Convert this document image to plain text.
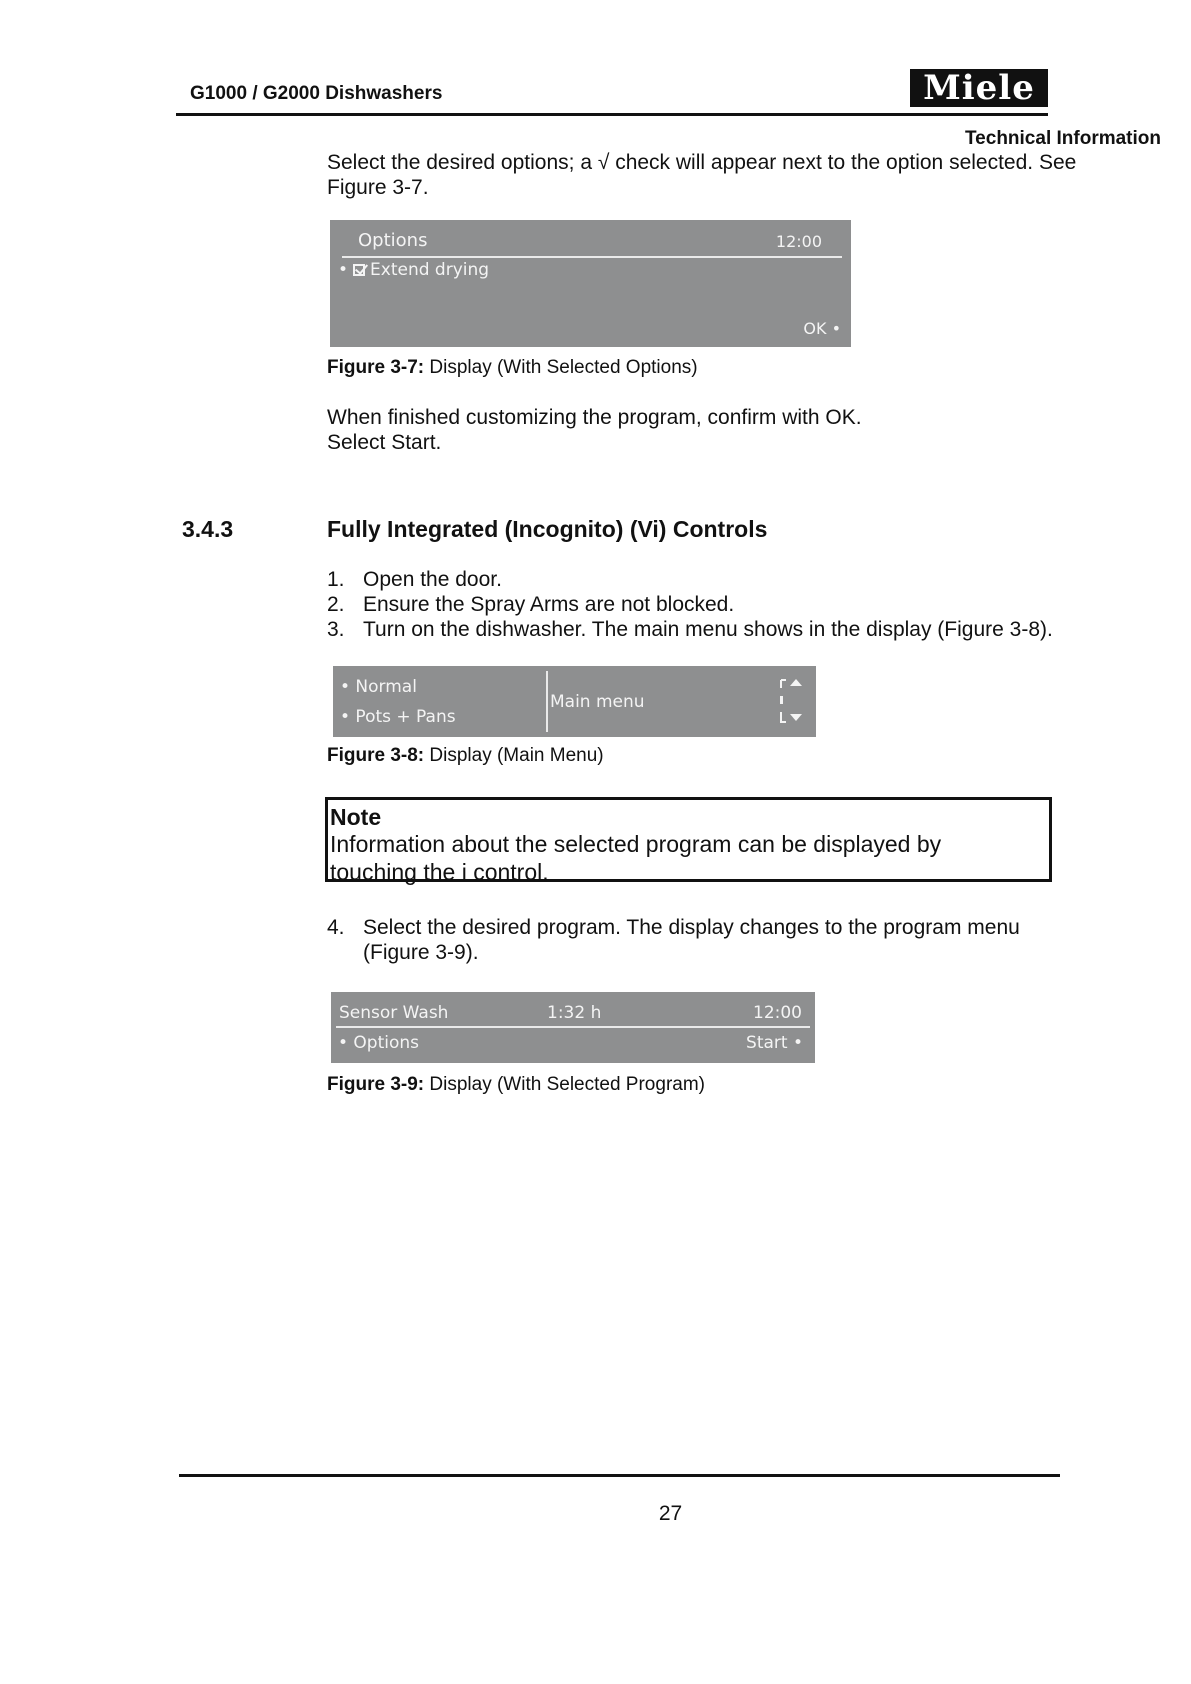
G1000 / G2000 Dishwashers	Miele
Technical Information
Select the desired options; a √ check will appear next to the option selected. See Figure 3-7.
Options	12:00
• Extend drying
OK •
Figure 3-7: Display (With Selected Options)
When finished customizing the program, confirm with OK.
Select Start.
3.4.3	Fully Integrated (Incognito) (Vi) Controls
1. Open the door.
2. Ensure the Spray Arms are not blocked.
3. Turn on the dishwasher. The main menu shows in the display (Figure 3-8).
• Normal
• Pots + Pans
Main menu
Figure 3-8: Display (Main Menu)
Note
Information about the selected program can be displayed by touching the i control.
4. Select the desired program. The display changes to the program menu (Figure 3-9).
Sensor Wash	1:32 h	12:00
• Options	Start •
Figure 3-9: Display (With Selected Program)
27
